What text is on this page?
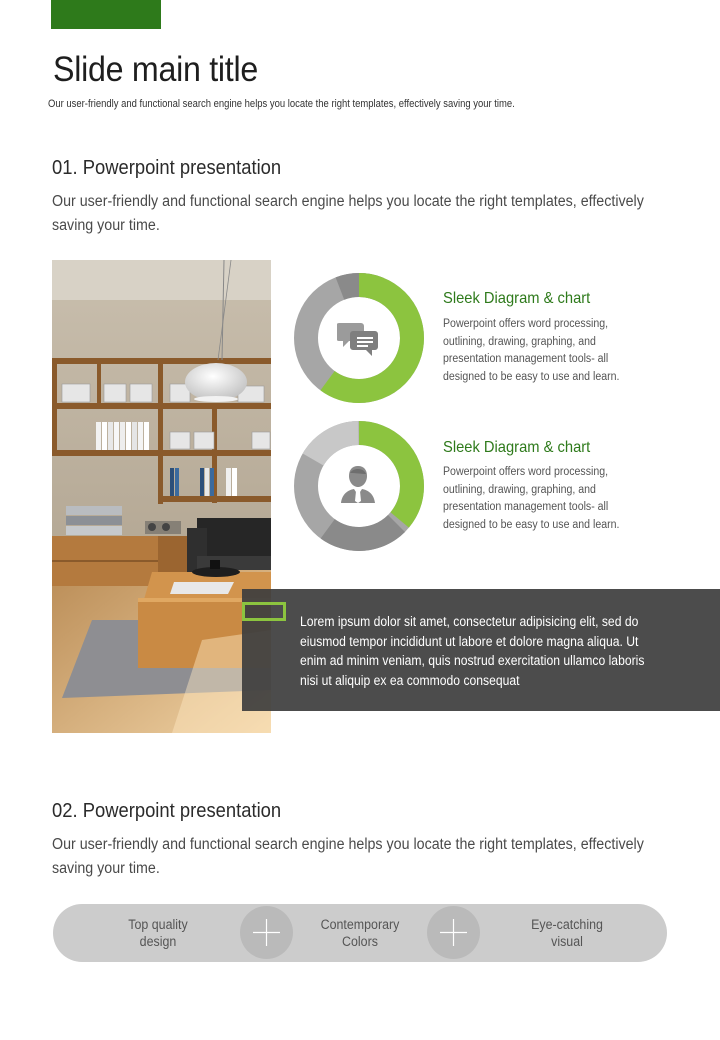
Slide main title
Our user-friendly and functional search engine helps you locate the right templates, effectively saving your time.
01. Powerpoint presentation
Our user-friendly and functional search engine helps you locate the right templates, effectively saving your time.
Sleek Diagram & chart
Powerpoint offers word processing, outlining, drawing, graphing, and presentation management tools- all designed to be easy to use and learn.
Sleek Diagram & chart
Powerpoint offers word processing, outlining, drawing, graphing, and presentation management tools- all designed to be easy to use and learn.
Lorem ipsum dolor sit amet, consectetur adipisicing elit, sed do eiusmod tempor incididunt ut labore et dolore magna aliqua. Ut enim ad minim veniam, quis nostrud exercitation ullamco laboris nisi ut aliquip ex ea commodo consequat
02. Powerpoint presentation
Our user-friendly and functional search engine helps you locate the right templates, effectively saving your time.
Top quality
design
Contemporary
Colors
Eye-catching
visual
